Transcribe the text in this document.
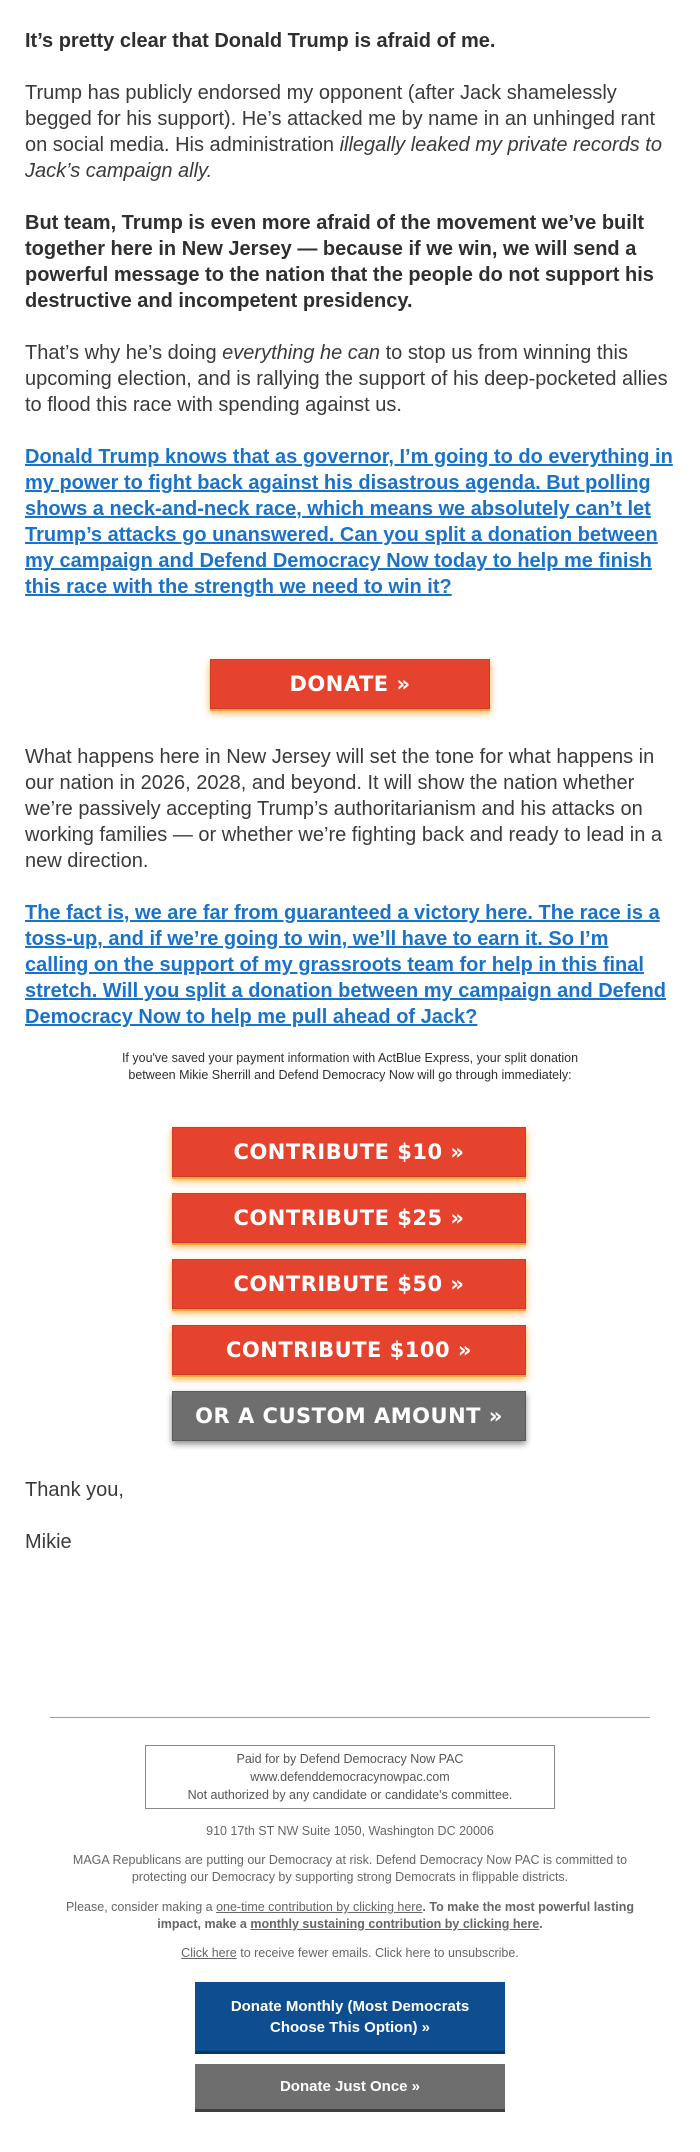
It’s pretty clear that Donald Trump is afraid of me.

Trump has publicly endorsed my opponent (after Jack shamelessly begged for his support). He’s attacked me by name in an unhinged rant on social media. His administration illegally leaked my private records to Jack’s campaign ally.

But team, Trump is even more afraid of the movement we’ve built together here in New Jersey — because if we win, we will send a powerful message to the nation that the people do not support his destructive and incompetent presidency.

That’s why he’s doing everything he can to stop us from winning this upcoming election, and is rallying the support of his deep-pocketed allies to flood this race with spending against us.

Donald Trump knows that as governor, I’m going to do everything in my power to fight back against his disastrous agenda. But polling shows a neck-and-neck race, which means we absolutely can’t let Trump’s attacks go unanswered. Can you split a donation between my campaign and Defend Democracy Now today to help me finish this race with the strength we need to win it?

DONATE »

What happens here in New Jersey will set the tone for what happens in our nation in 2026, 2028, and beyond. It will show the nation whether we’re passively accepting Trump’s authoritarianism and his attacks on working families — or whether we’re fighting back and ready to lead in a new direction.

The fact is, we are far from guaranteed a victory here. The race is a toss-up, and if we’re going to win, we’ll have to earn it. So I’m calling on the support of my grassroots team for help in this final stretch. Will you split a donation between my campaign and Defend Democracy Now to help me pull ahead of Jack?

If you've saved your payment information with ActBlue Express, your split donation between Mikie Sherrill and Defend Democracy Now will go through immediately:
CONTRIBUTE $10 »
CONTRIBUTE $25 »
CONTRIBUTE $50 »
CONTRIBUTE $100 »
OR A CUSTOM AMOUNT »

Thank you,

Mikie

Paid for by Defend Democracy Now PAC
www.defenddemocracynowpac.com
Not authorized by any candidate or candidate's committee.
910 17th ST NW Suite 1050, Washington DC 20006
MAGA Republicans are putting our Democracy at risk. Defend Democracy Now PAC is committed to protecting our Democracy by supporting strong Democrats in flippable districts.
Please, consider making a one-time contribution by clicking here. To make the most powerful lasting impact, make a monthly sustaining contribution by clicking here.
Click here to receive fewer emails. Click here to unsubscribe.
Donate Monthly (Most Democrats Choose This Option) »
Donate Just Once »
